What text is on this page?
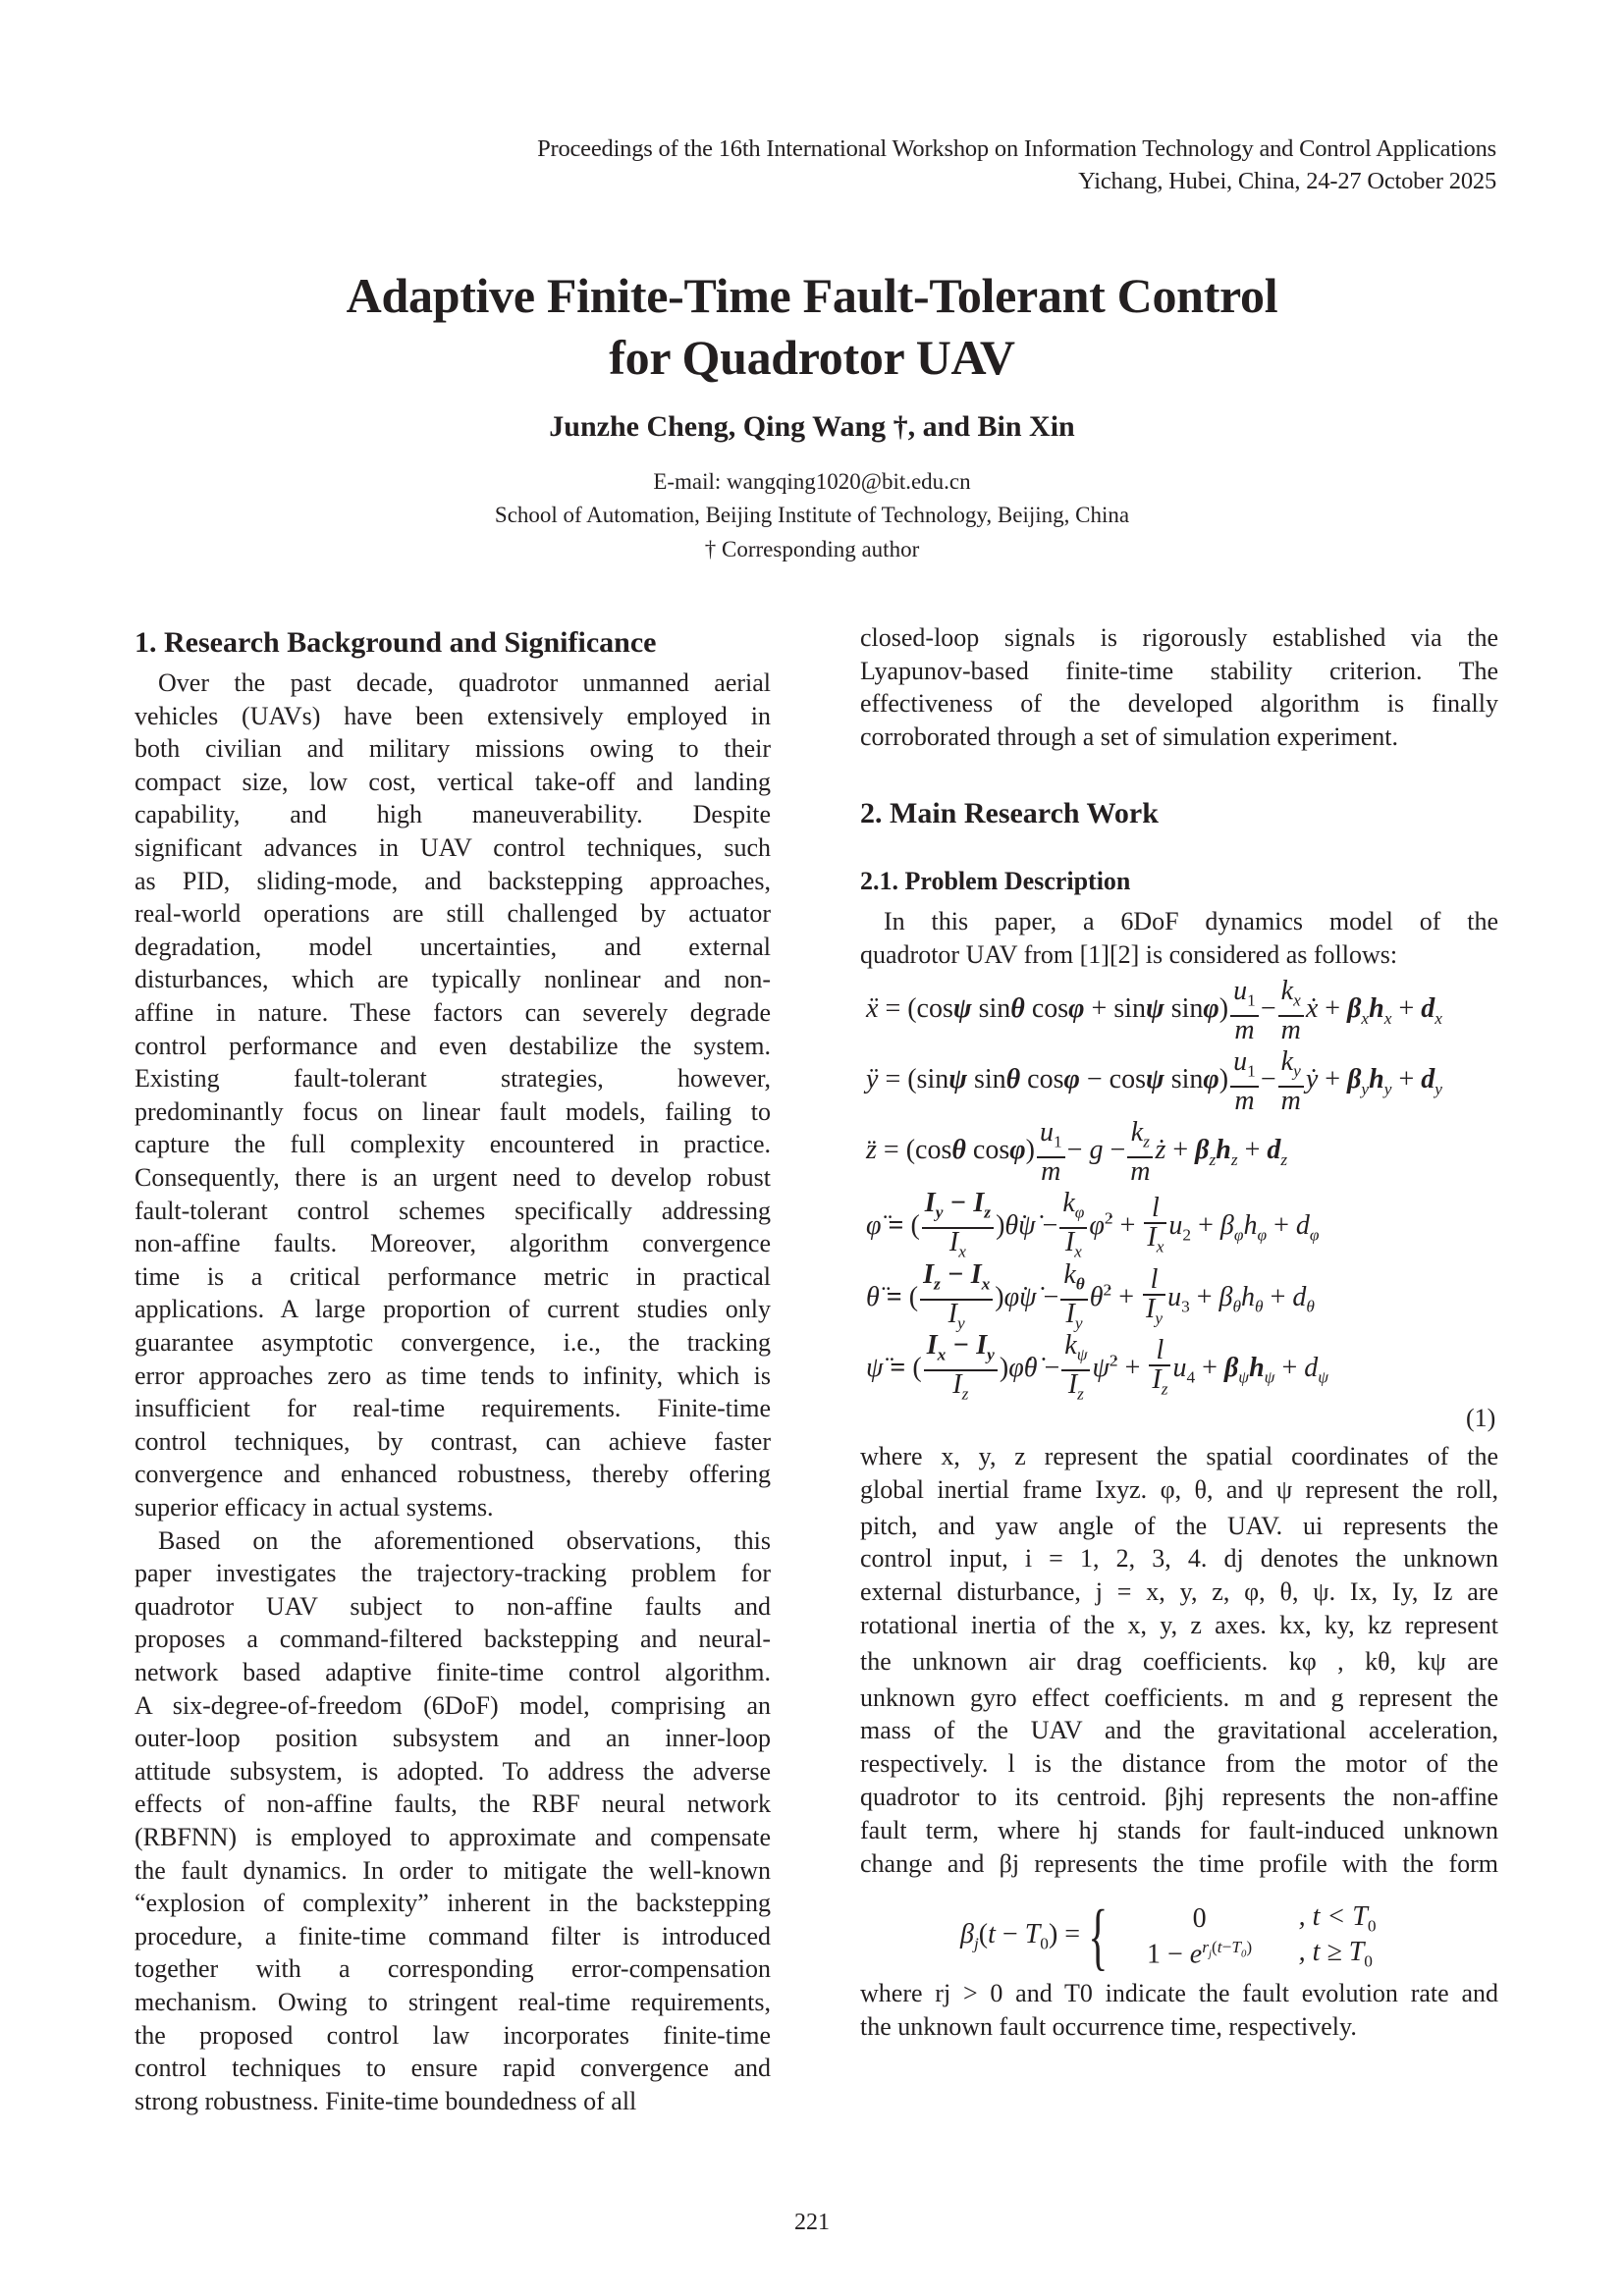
Proceedings of the 16th International Workshop on Information Technology and Control Applications
Yichang, Hubei, China, 24-27 October 2025
Adaptive Finite-Time Fault-Tolerant Control
for Quadrotor UAV
Junzhe Cheng, Qing Wang †, and Bin Xin
E-mail: wangqing1020@bit.edu.cn
School of Automation, Beijing Institute of Technology, Beijing, China
† Corresponding author
1. Research Background and Significance
Over the past decade, quadrotor unmanned aerial
vehicles (UAVs) have been extensively employed in
both civilian and military missions owing to their
compact size, low cost, vertical take-off and landing
capability, and high maneuverability. Despite
significant advances in UAV control techniques, such
as PID, sliding-mode, and backstepping approaches,
real-world operations are still challenged by actuator
degradation, model uncertainties, and external
disturbances, which are typically nonlinear and non-
affine in nature. These factors can severely degrade
control performance and even destabilize the system.
Existing fault-tolerant strategies, however,
predominantly focus on linear fault models, failing to
capture the full complexity encountered in practice.
Consequently, there is an urgent need to develop robust
fault-tolerant control schemes specifically addressing
non-affine faults. Moreover, algorithm convergence
time is a critical performance metric in practical
applications. A large proportion of current studies only
guarantee asymptotic convergence, i.e., the tracking
error approaches zero as time tends to infinity, which is
insufficient for real-time requirements. Finite-time
control techniques, by contrast, can achieve faster
convergence and enhanced robustness, thereby offering
superior efficacy in actual systems.
Based on the aforementioned observations, this
paper investigates the trajectory-tracking problem for
quadrotor UAV subject to non-affine faults and
proposes a command-filtered backstepping and neural-
network based adaptive finite-time control algorithm.
A six-degree-of-freedom (6DoF) model, comprising an
outer-loop position subsystem and an inner-loop
attitude subsystem, is adopted. To address the adverse
effects of non-affine faults, the RBF neural network
(RBFNN) is employed to approximate and compensate
the fault dynamics. In order to mitigate the well-known
“explosion of complexity” inherent in the backstepping
procedure, a finite-time command filter is introduced
together with a corresponding error-compensation
mechanism. Owing to stringent real-time requirements,
the proposed control law incorporates finite-time
control techniques to ensure rapid convergence and
strong robustness. Finite-time boundedness of all
closed-loop signals is rigorously established via the
Lyapunov-based finite-time stability criterion. The
effectiveness of the developed algorithm is finally
corroborated through a set of simulation experiment.
2. Main Research Work
2.1. Problem Description
In this paper, a 6DoF dynamics model of the
quadrotor UAV from [1][2] is considered as follows:
ẍ = (cosψ sinθ cosφ + sinψ $\sin\varphi) \frac{u_1}{m} - \frac{k_x}{m}$ ẋ + $\beta_xh_x + d_x$
ÿ = (sinψ sinθ cosφ − cosψ $\sin\varphi) \frac{u_1}{m} - \frac{k_y}{m}$ ẏ + $\beta_yh_y + d_y$
z̈ = (cosθ $\cos\varphi) \frac{u_1}{m} - g - \frac{k_z}{m}$ ż + $\beta_zh_z + d_z$
φ̈ = ( $\frac{I_y - I_z}{I_x}$ )θ̇ψ̇ − $\frac{k_\varphi}{I_x}$ φ̇$^2$ + $\frac{l}{I_x} u_2 + \beta_\varphi h_\varphi + d_\varphi$
θ̈ = ( $\frac{I_z - I_x}{I_y}$ )φ̇ψ̇ − $\frac{k_\theta}{I_y}$ θ̇$^2$ + $\frac{l}{I_y} u_3 + \beta_\theta h_\theta + d_\theta$
ψ̈ = ( $\frac{I_x - I_y}{I_z}$ )φ̇θ̇ − $\frac{k_\psi}{I_z}$ ψ̇$^2$ + $\frac{l}{I_z} u_4 + \beta_\psi h_\psi + d_\psi$
(1)
where x, y, z represent the spatial coordinates of the
global inertial frame Ixyz. φ, θ, and ψ represent the roll,
pitch, and yaw angle of the UAV. ui represents the
control input, i = 1, 2, 3, 4. dj denotes the unknown
external disturbance, j = x, y, z, φ, θ, ψ. Ix, Iy, Iz are
rotational inertia of the x, y, z axes. kx, ky, kz represent
the unknown air drag coefficients. kφ , kθ, kψ are
unknown gyro effect coefficients. m and g represent the
mass of the UAV and the gravitational acceleration,
respectively. l is the distance from the motor of the
quadrotor to its centroid. βjhj represents the non-affine
fault term, where hj stands for fault-induced unknown
change and βj represents the time profile with the form
$\beta_j(t - T_0)$ = {	0	, $t < T_0$
$1 - e^{r_j(t-T_0)}$	, $t \ge T_0$
where rj > 0 and T0 indicate the fault evolution rate and
the unknown fault occurrence time, respectively.
221
